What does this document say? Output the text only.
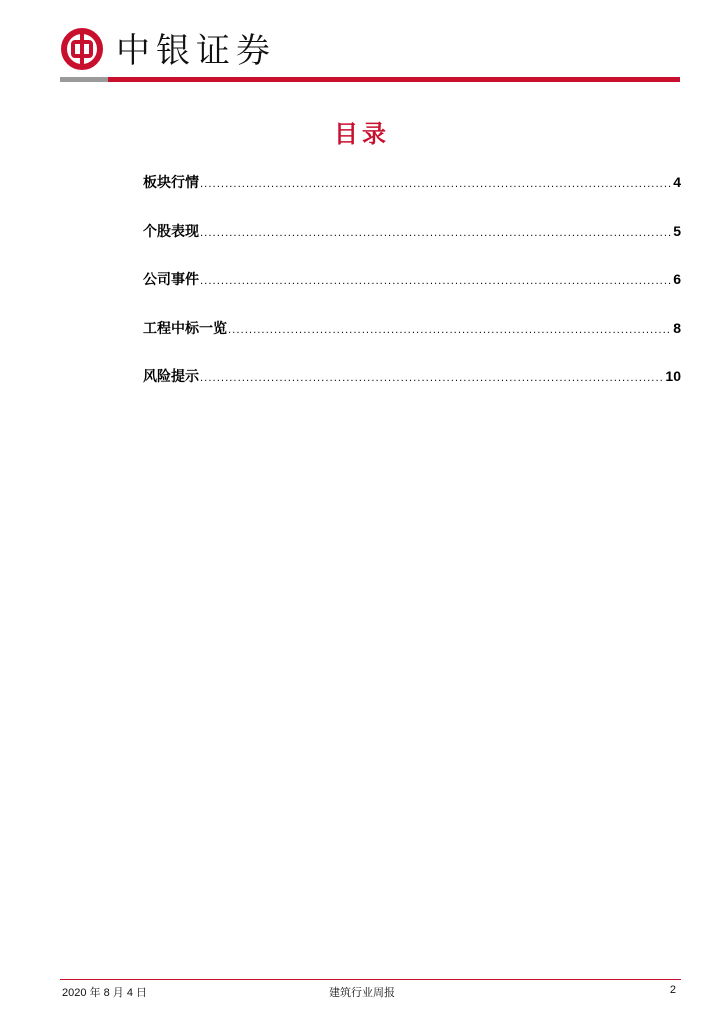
中银证券
目录
板块行情 .....	4
个股表现 .....	5
公司事件 .....	6
工程中标一览 .....	8
风险提示 .....	10
2020 年 8 月 4 日	建筑行业周报	2
